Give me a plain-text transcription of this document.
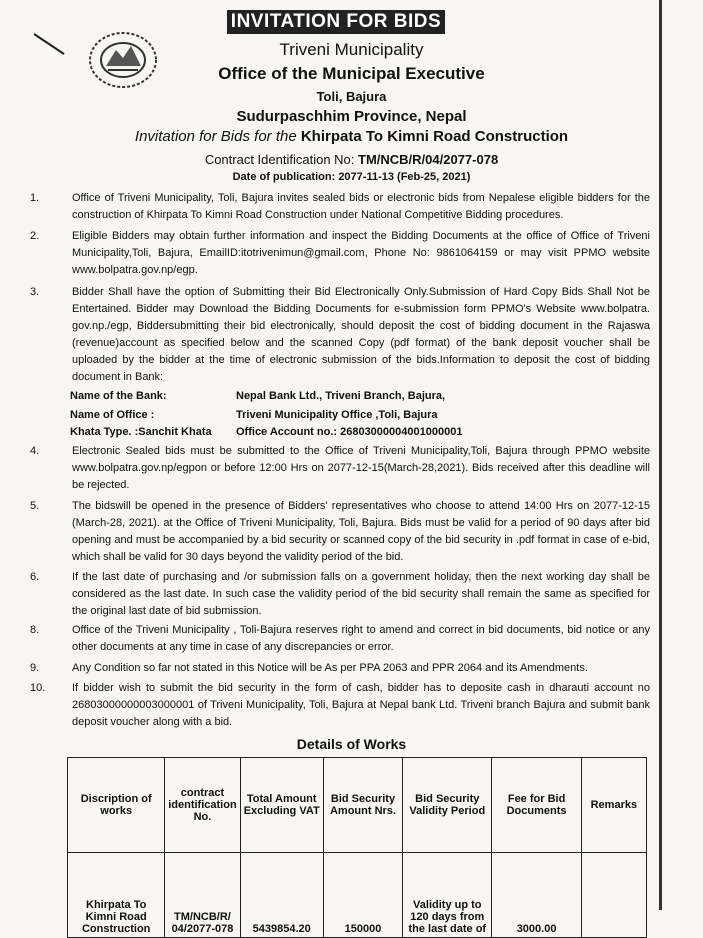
INVITATION FOR BIDS
Triveni Municipality
Office of the Municipal Executive
Toli, Bajura
Sudurpaschhim Province, Nepal
Invitation for Bids for the Khirpata To Kimni Road Construction
Contract Identification No: TM/NCB/R/04/2077-078
Date of publication: 2077-11-13 (Feb-25, 2021)
1.	Office of Triveni Municipality, Toli, Bajura invites sealed bids or electronic bids from Nepalese eligible bidders for the construction of Khirpata To Kimni Road Construction under National Competitive Bidding procedures.
2.	Eligible Bidders may obtain further information and inspect the Bidding Documents at the office of Office of Triveni Municipality,Toli, Bajura, EmailID:itotrivenimun@gmail.com, Phone No: 9861064159 or may visit PPMO website www.bolpatra.gov.np/egp.
3.	Bidder Shall have the option of Submitting their Bid Electronically Only.Submission of Hard Copy Bids Shall Not be Entertained. Bidder may Download the Bidding Documents for e-submission form PPMO's Website www.bolpatra. gov.np./egp, Biddersubmitting their bid electronically, should deposit the cost of bidding document in the Rajaswa (revenue)account as specified below and the scanned Copy (pdf format) of the bank deposit voucher shall be uploaded by the bidder at the time of electronic submission of the bids.Information to deposit the cost of bidding document in Bank:
Name of the Bank:	Nepal Bank Ltd., Triveni Branch, Bajura,
Name of Office :	Triveni Municipality Office ,Toli, Bajura
Khata Type. :Sanchit Khata Office Account no.: 26803000004001000001
4.	Electronic Sealed bids must be submitted to the Office of Triveni Municipality,Toli, Bajura through PPMO website www.bolpatra.gov.np/egpon or before 12:00 Hrs on 2077-12-15(March-28,2021). Bids received after this deadline will be rejected.
5.	The bidswill be opened in the presence of Bidders' representatives who choose to attend 14:00 Hrs on 2077-12-15 (March-28, 2021). at the Office of Triveni Municipality, Toli, Bajura. Bids must be valid for a period of 90 days after bid opening and must be accompanied by a bid security or scanned copy of the bid security in .pdf format in case of e-bid, which shall be valid for 30 days beyond the validity period of the bid.
6.	If the last date of purchasing and /or submission falls on a government holiday, then the next working day shall be considered as the last date. In such case the validity period of the bid security shall remain the same as specified for the original last date of bid submission.
8.	Office of the Triveni Municipality , Toli-Bajura reserves right to amend and correct in bid documents, bid notice or any other documents at any time in case of any discrepancies or error.
9.	Any Condition so far not stated in this Notice will be As per PPA 2063 and PPR 2064 and its Amendments.
10. If bidder wish to submit the bid security in the form of cash, bidder has to deposite cash in dharauti account no 26803000000003000001 of Triveni Municipality, Toli, Bajura at Nepal bank Ltd. Triveni branch Bajura and submit bank deposit voucher along with a bid.
Details of Works
Discription of works	contract identification No.	Total Amount Excluding VAT	Bid Security Amount Nrs.	Bid Security Validity Period	Fee for Bid Documents	Remarks
Khirpata To Kimni Road Construction	TM/NCB/R/ 04/2077-078	5439854.20	150000	Validity up to 120 days from the last date of	3000.00	
